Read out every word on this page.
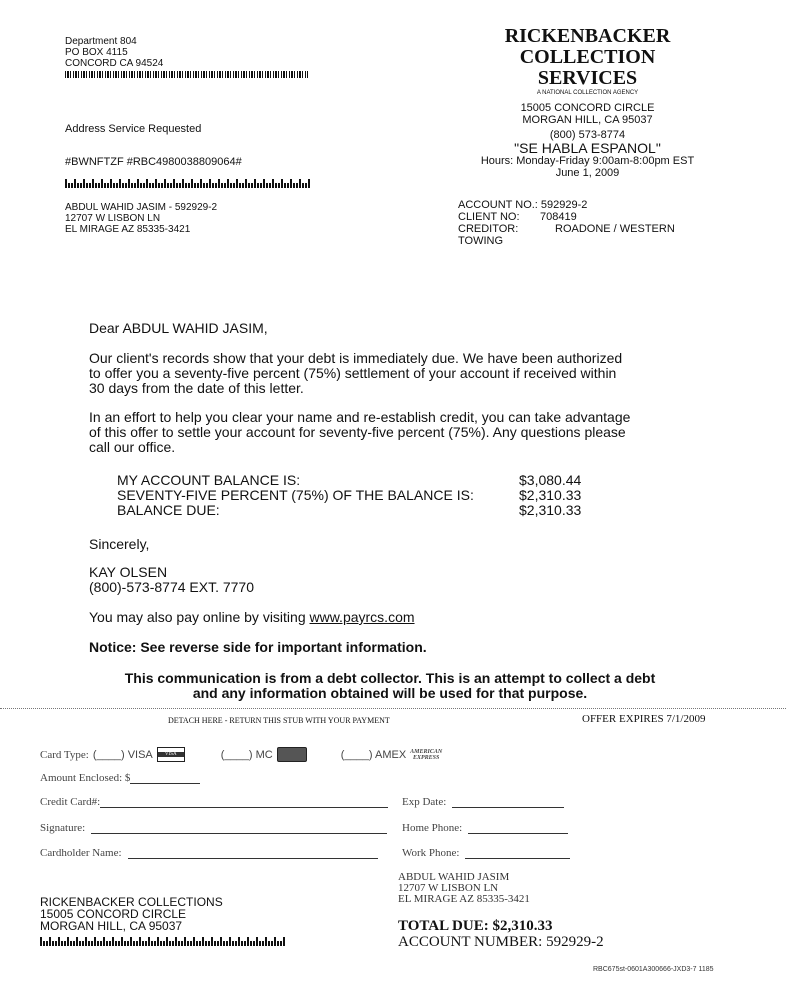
Department 804
PO BOX 4115
CONCORD CA 94524
Address Service Requested
#BWNFTZF #RBC4980038809064#
ABDUL WAHID JASIM - 592929-2
12707 W LISBON LN
EL MIRAGE AZ 85335-3421
RICKENBACKER
COLLECTION
SERVICES
A NATIONAL COLLECTION AGENCY
15005 CONCORD CIRCLE
MORGAN HILL, CA 95037
(800) 573-8774
"SE HABLA ESPANOL"
Hours: Monday-Friday 9:00am-8:00pm EST
June 1, 2009
ACCOUNT NO.: 592929-2
CLIENT NO: 708419
CREDITOR:	ROADONE / WESTERN
TOWING
Dear ABDUL WAHID JASIM,
Our client's records show that your debt is immediately due. We have been authorized
to offer you a seventy-five percent (75%) settlement of your account if received within
30 days from the date of this letter.
In an effort to help you clear your name and re-establish credit, you can take advantage
of this offer to settle your account for seventy-five percent (75%). Any questions please
call our office.
MY ACCOUNT BALANCE IS:	$3,080.44
SEVENTY-FIVE PERCENT (75%) OF THE BALANCE IS:	$2,310.33
BALANCE DUE:	$2,310.33
Sincerely,
KAY OLSEN
(800)-573-8774 EXT. 7770
You may also pay online by visiting www.payrcs.com
Notice: See reverse side for important information.
This communication is from a debt collector. This is an attempt to collect a debt
and any information obtained will be used for that purpose.
DETACH HERE - RETURN THIS STUB WITH YOUR PAYMENT	OFFER EXPIRES 7/1/2009
Card Type: (____) VISA	VISA	(____) MC	(____) AMEX AMERICAN
EXPRESS
Amount Enclosed: $
Credit Card#:	Exp Date:
Signature:	Home Phone:
Cardholder Name:	Work Phone:
ABDUL WAHID JASIM
12707 W LISBON LN
EL MIRAGE AZ 85335-3421
RICKENBACKER COLLECTIONS
15005 CONCORD CIRCLE
MORGAN HILL, CA 95037	TOTAL DUE: $2,310.33
ACCOUNT NUMBER: 592929-2
RBC675st-0601A300666-JXD3-7 1185
